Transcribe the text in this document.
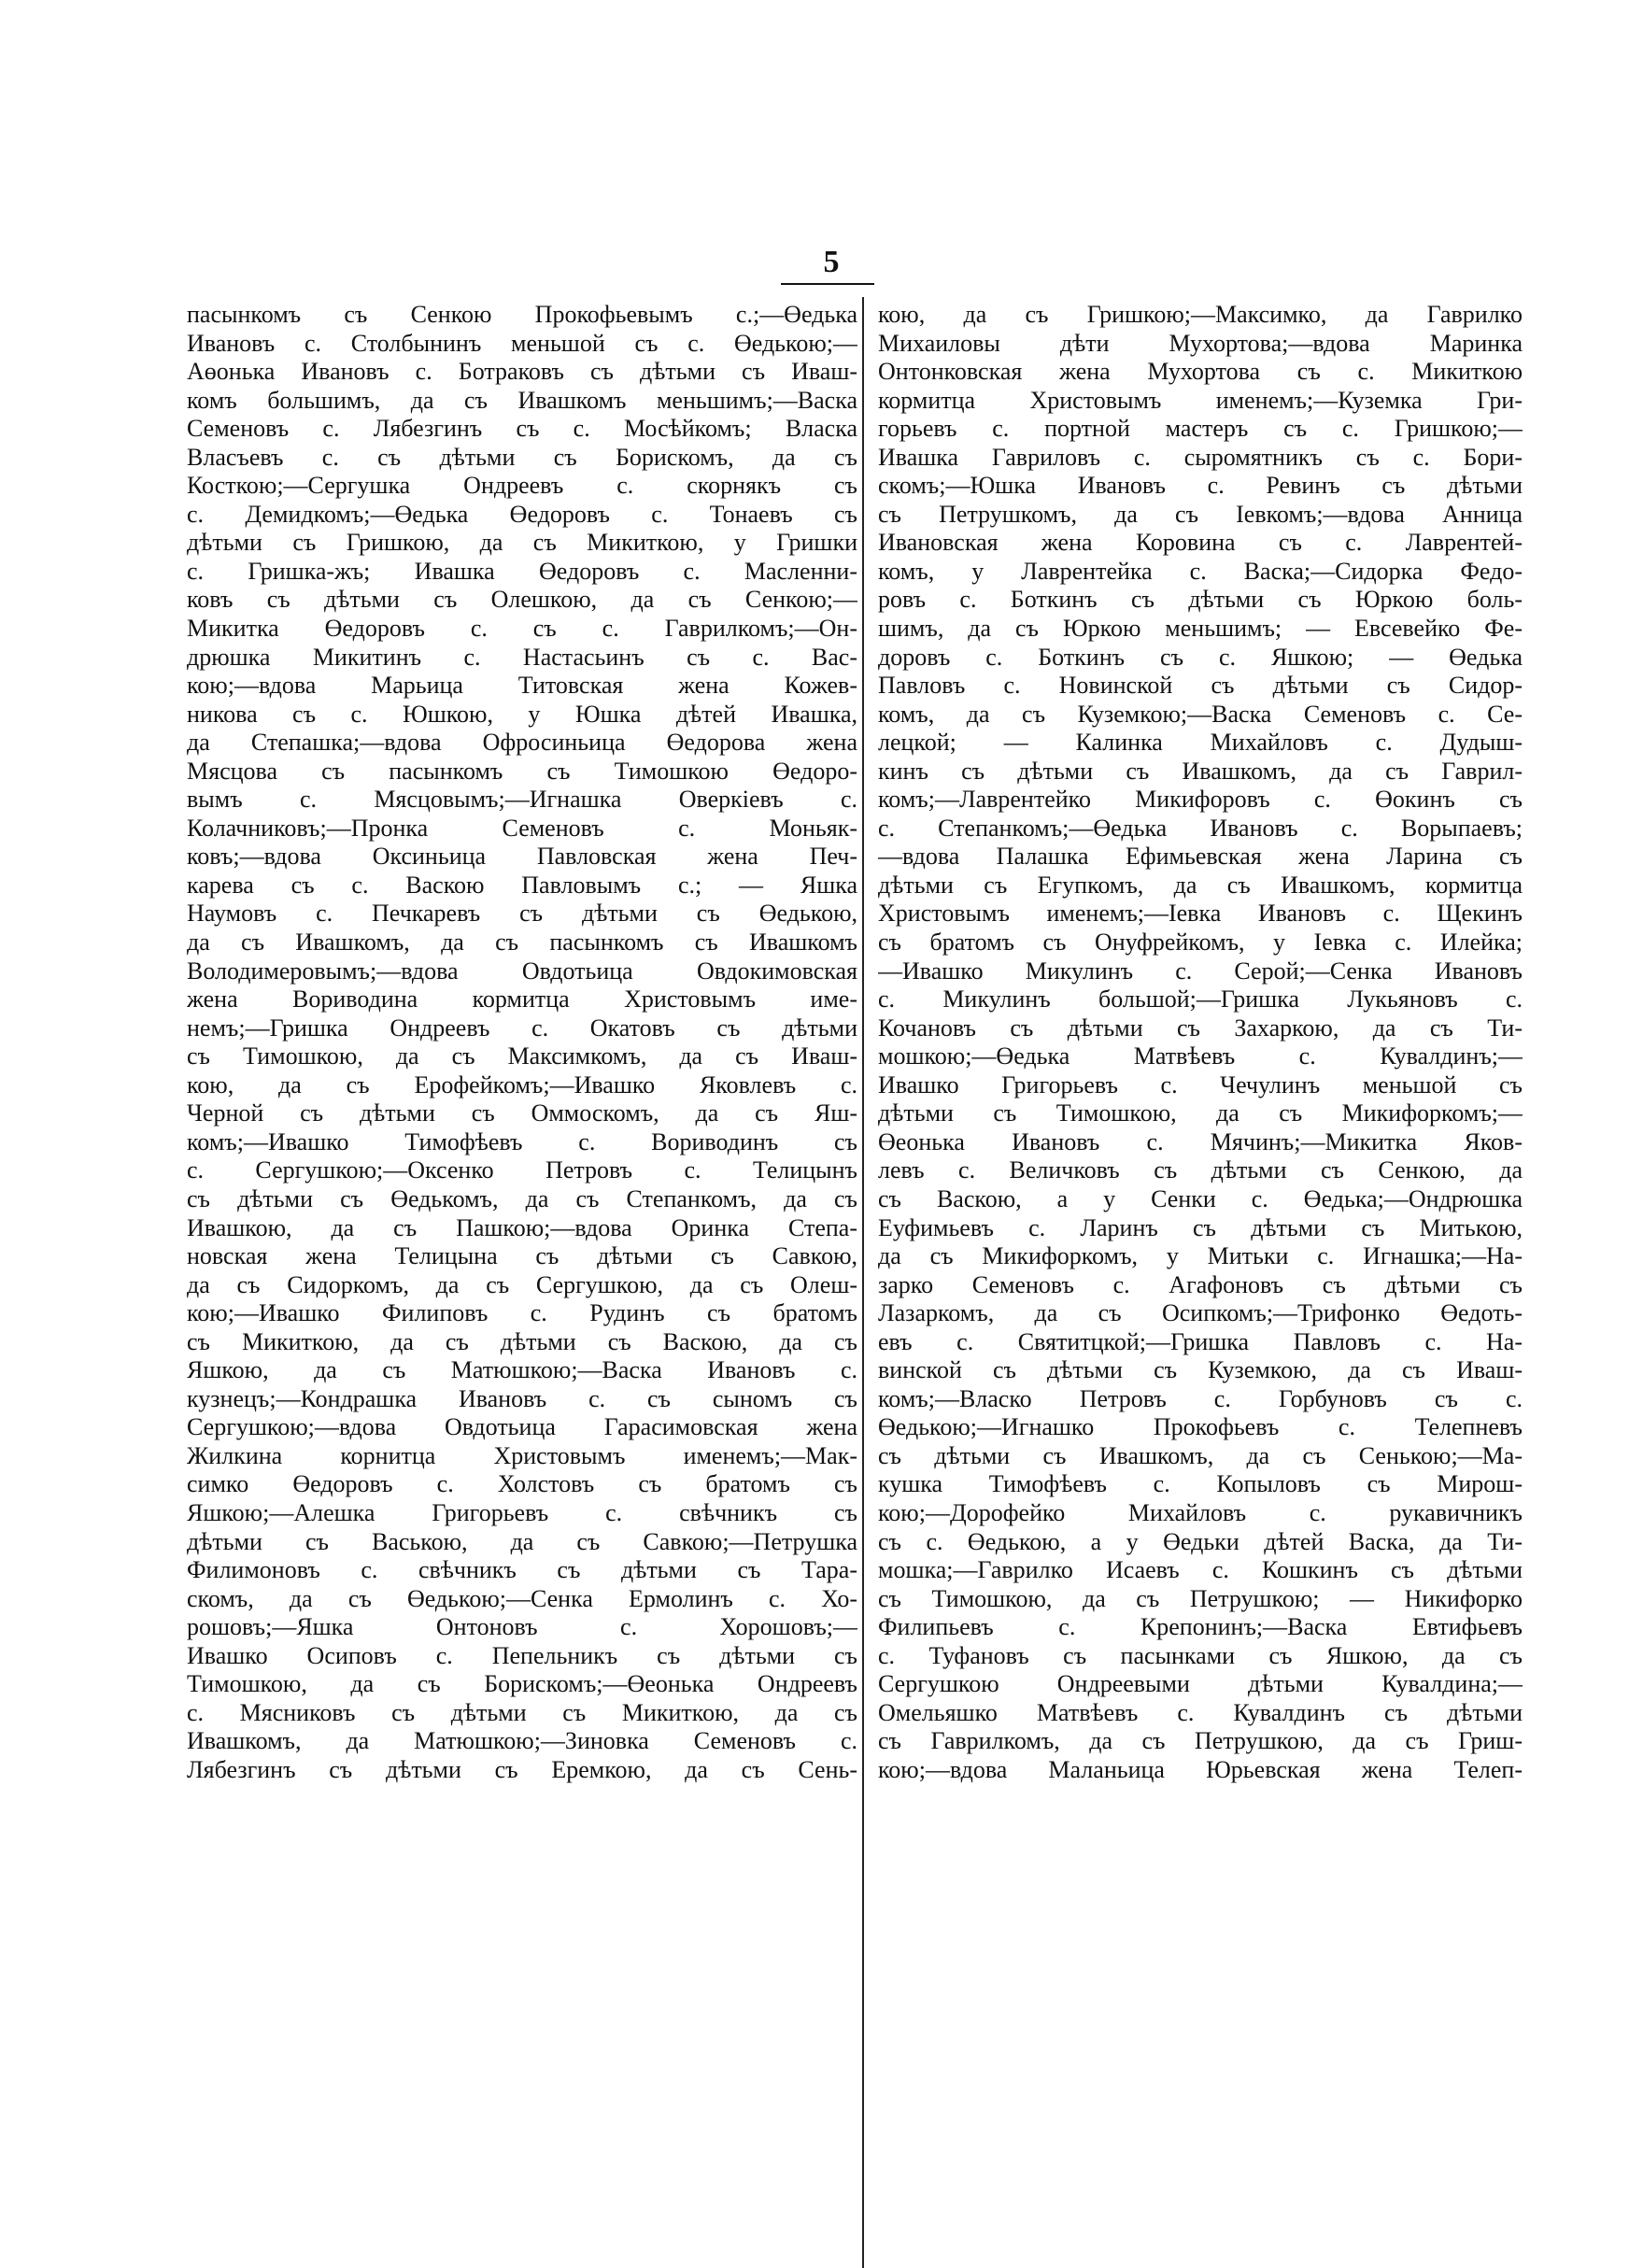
5
пасынкомъ съ Сенкою Прокофьевымъ с.;—Өедька
Ивановъ с. Столбынинъ меньшой съ с. Өедькою;—
Аөонька Ивановъ с. Ботраковъ съ дѣтьми съ Иваш-
комъ большимъ, да съ Ивашкомъ меньшимъ;—Васка
Семеновъ с. Лябезгинъ съ с. Мосѣйкомъ; Власка
Власъевъ с. съ дѣтьми съ Борискомъ, да съ
Косткою;—Сергушка Ондреевъ с. скорнякъ съ
с. Демидкомъ;—Өедька Өедоровъ с. Тонаевъ съ
дѣтьми съ Гришкою, да съ Микиткою, у Гришки
с. Гришка-жъ; Ивашка Өедоровъ с. Масленни-
ковъ съ дѣтьми съ Олешкою, да съ Сенкою;—
Микитка Өедоровъ с. съ с. Гаврилкомъ;—Он-
дрюшка Микитинъ с. Настасьинъ съ с. Вас-
кою;—вдова Марьица Титовская жена Кожев-
никова съ с. Юшкою, у Юшка дѣтей Ивашка,
да Степашка;—вдова Офросиньица Өедорова жена
Мясцова съ пасынкомъ съ Тимошкою Өедоро-
вымъ с. Мясцовымъ;—Игнашка Оверкіевъ с.
Колачниковъ;—Пронка Семеновъ с. Моньяк-
ковъ;—вдова Оксиньица Павловская жена Печ-
карева съ с. Васкою Павловымъ с.; — Яшка
Наумовъ с. Печкаревъ съ дѣтьми съ Өедькою,
да съ Ивашкомъ, да съ пасынкомъ съ Ивашкомъ
Володимеровымъ;—вдова Овдотьица Овдокимовская
жена Вориводина кормитца Христовымъ име-
немъ;—Гришка Ондреевъ с. Окатовъ съ дѣтьми
съ Тимошкою, да съ Максимкомъ, да съ Иваш-
кою, да съ Ерофейкомъ;—Ивашко Яковлевъ с.
Черной съ дѣтьми съ Оммоскомъ, да съ Яш-
комъ;—Ивашко Тимофѣевъ с. Вориводинъ съ
с. Сергушкою;—Оксенко Петровъ с. Телицынъ
съ дѣтьми съ Өедькомъ, да съ Степанкомъ, да съ
Ивашкою, да съ Пашкою;—вдова Оринка Степа-
новская жена Телицына съ дѣтьми съ Савкою,
да съ Сидоркомъ, да съ Сергушкою, да съ Олеш-
кою;—Ивашко Филиповъ с. Рудинъ съ братомъ
съ Микиткою, да съ дѣтьми съ Васкою, да съ
Яшкою, да съ Матюшкою;—Васка Ивановъ с.
кузнецъ;—Кондрашка Ивановъ с. съ сыномъ съ
Сергушкою;—вдова Овдотьица Гарасимовская жена
Жилкина корнитца Христовымъ именемъ;—Мак-
симко Өедоровъ с. Холстовъ съ братомъ съ
Яшкою;—Алешка Григорьевъ с. свѣчникъ съ
дѣтьми съ Ваською, да съ Савкою;—Петрушка
Филимоновъ с. свѣчникъ съ дѣтьми съ Тара-
скомъ, да съ Өедькою;—Сенка Ермолинъ с. Хо-
рошовъ;—Яшка Онтоновъ с. Хорошовъ;—
Ивашко Осиповъ с. Пепельникъ съ дѣтьми съ
Тимошкою, да съ Борискомъ;—Өеонька Ондреевъ
с. Мясниковъ съ дѣтьми съ Микиткою, да съ
Ивашкомъ, да Матюшкою;—Зиновка Семеновъ с.
Лябезгинъ съ дѣтьми съ Еремкою, да съ Сень-
кою, да съ Гришкою;—Максимко, да Гаврилко
Михаиловы дѣти Мухортова;—вдова Маринка
Онтонковская жена Мухортова съ с. Микиткою
кормитца Христовымъ именемъ;—Куземка Гри-
горьевъ с. портной мастеръ съ с. Гришкою;—
Ивашка Гавриловъ с. сыромятникъ съ с. Бори-
скомъ;—Юшка Ивановъ с. Ревинъ съ дѣтьми
съ Петрушкомъ, да съ Іевкомъ;—вдова Анница
Ивановская жена Коровина съ с. Лаврентей-
комъ, у Лаврентейка с. Васка;—Сидорка Федо-
ровъ с. Боткинъ съ дѣтьми съ Юркою боль-
шимъ, да съ Юркою меньшимъ; — Евсевейко Фе-
доровъ с. Боткинъ съ с. Яшкою; — Өедька
Павловъ с. Новинской съ дѣтьми съ Сидор-
комъ, да съ Куземкою;—Васка Семеновъ с. Се-
лецкой; — Калинка Михайловъ с. Дудыш-
кинъ съ дѣтьми съ Ивашкомъ, да съ Гаврил-
комъ;—Лаврентейко Микифоровъ с. Өокинъ съ
с. Степанкомъ;—Өедька Ивановъ с. Ворыпаевъ;
—вдова Палашка Ефимьевская жена Ларина съ
дѣтьми съ Егупкомъ, да съ Ивашкомъ, кормитца
Христовымъ именемъ;—Іевка Ивановъ с. Щекинъ
съ братомъ съ Онуфрейкомъ, у Іевка с. Илейка;
—Ивашко Микулинъ с. Серой;—Сенка Ивановъ
с. Микулинъ большой;—Гришка Лукьяновъ с.
Кочановъ съ дѣтьми съ Захаркою, да съ Ти-
мошкою;—Өедька Матвѣевъ с. Кувалдинъ;—
Ивашко Григорьевъ с. Чечулинъ меньшой съ
дѣтьми съ Тимошкою, да съ Микифоркомъ;—
Өеонька Ивановъ с. Мячинъ;—Микитка Яков-
левъ с. Величковъ съ дѣтьми съ Сенкою, да
съ Васкою, а у Сенки с. Өедька;—Ондрюшка
Еуфимьевъ с. Ларинъ съ дѣтьми съ Митькою,
да съ Микифоркомъ, у Митьки с. Игнашка;—На-
зарко Семеновъ с. Агафоновъ съ дѣтьми съ
Лазаркомъ, да съ Осипкомъ;—Трифонко Өедоть-
евъ с. Святитцкой;—Гришка Павловъ с. На-
винской съ дѣтьми съ Куземкою, да съ Иваш-
комъ;—Власко Петровъ с. Горбуновъ съ с.
Өедькою;—Игнашко Прокофьевъ с. Телепневъ
съ дѣтьми съ Ивашкомъ, да съ Сенькою;—Ма-
кушка Тимофѣевъ с. Копыловъ съ Мирош-
кою;—Дорофейко Михайловъ с. рукавичникъ
съ с. Өедькою, а у Өедьки дѣтей Васка, да Ти-
мошка;—Гаврилко Исаевъ с. Кошкинъ съ дѣтьми
съ Тимошкою, да съ Петрушкою; — Никифорко
Филипьевъ с. Крепонинъ;—Васка Евтифьевъ
с. Туфановъ съ пасынками съ Яшкою, да съ
Сергушкою Ондреевыми дѣтьми Кувалдина;—
Омельяшко Матвѣевъ с. Кувалдинъ съ дѣтьми
съ Гаврилкомъ, да съ Петрушкою, да съ Гриш-
кою;—вдова Маланьица Юрьевская жена Телеп-
